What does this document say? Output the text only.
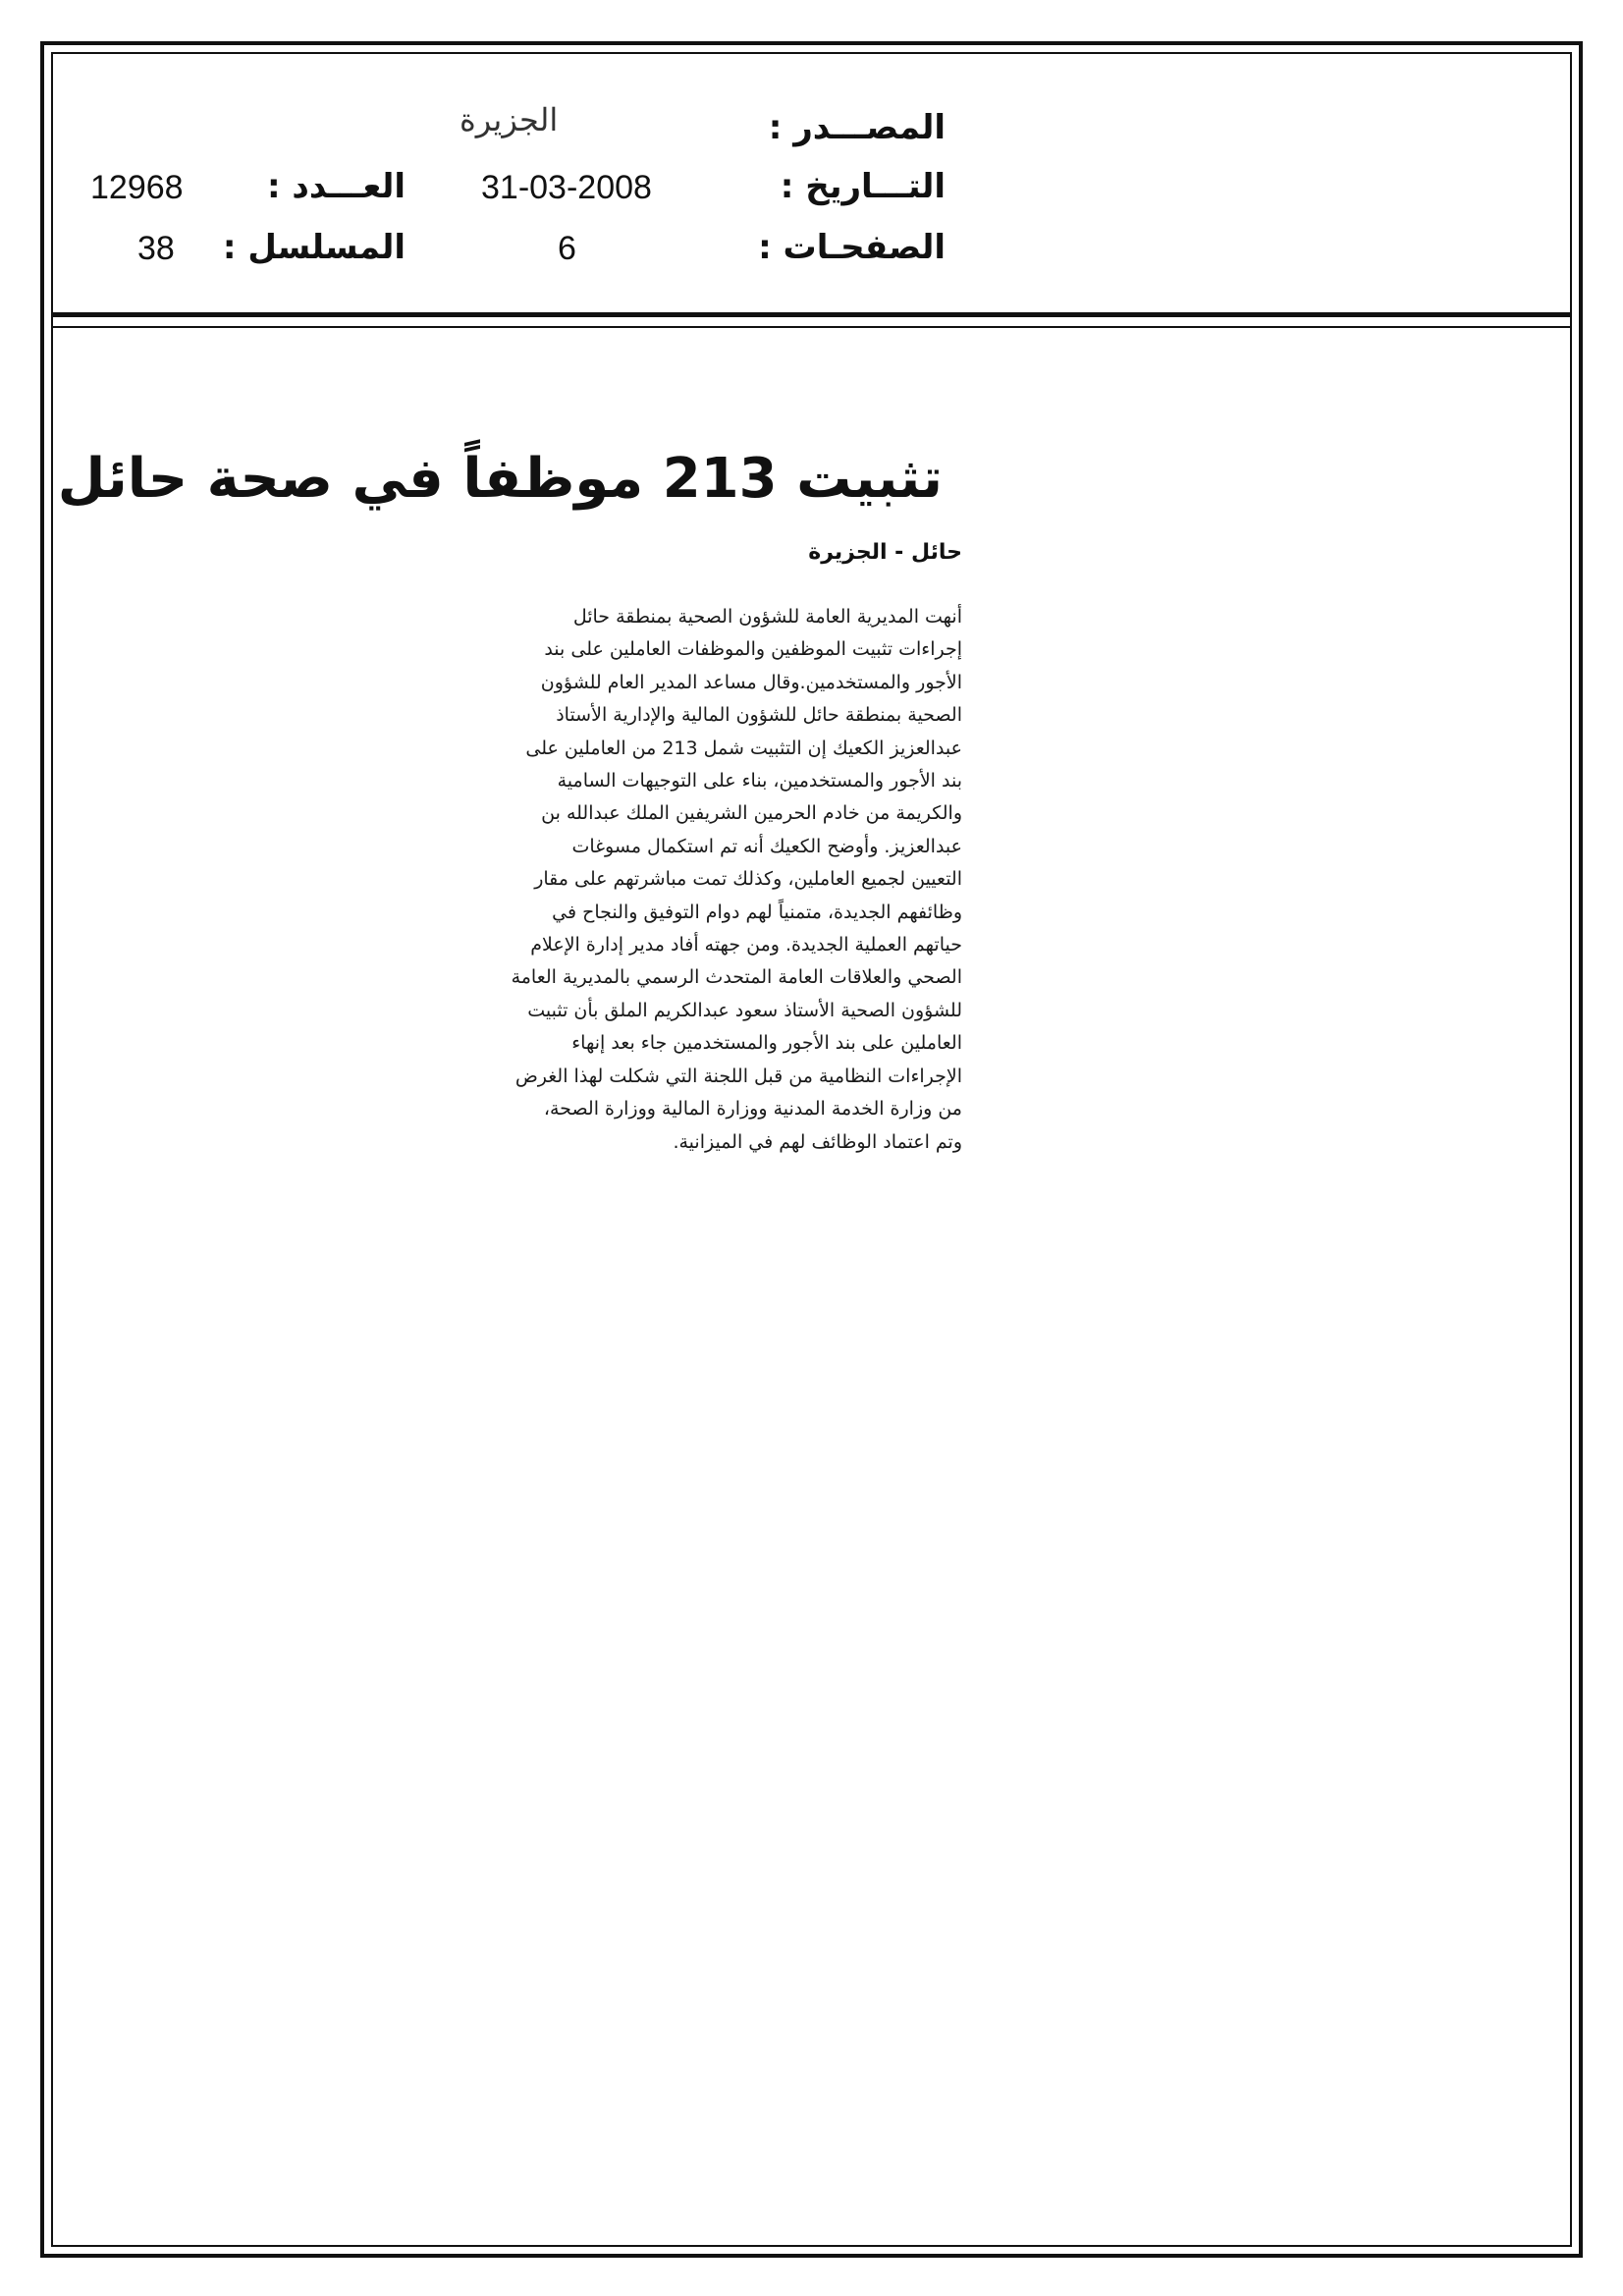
المصـــدر :
الجزيرة
التـــاريخ :
31-03-2008
العـــدد :
12968
الصفحـات :
6
المسلسل :
38
تثبيت 213 موظفاً في صحة حائل
حائل - الجزيرة
أنهت المديرية العامة للشؤون الصحية بمنطقة حائل
إجراءات تثبيت الموظفين والموظفات العاملين على بند
الأجور والمستخدمين.وقال مساعد المدير العام للشؤون
الصحية بمنطقة حائل للشؤون المالية والإدارية الأستاذ
عبدالعزيز الكعيك إن التثبيت شمل 213 من العاملين على
بند الأجور والمستخدمين، بناء على التوجيهات السامية
والكريمة من خادم الحرمين الشريفين الملك عبدالله بن
عبدالعزيز. وأوضح الكعيك أنه تم استكمال مسوغات
التعيين لجميع العاملين، وكذلك تمت مباشرتهم على مقار
وظائفهم الجديدة، متمنياً لهم دوام التوفيق والنجاح في
حياتهم العملية الجديدة. ومن جهته أفاد مدير إدارة الإعلام
الصحي والعلاقات العامة المتحدث الرسمي بالمديرية العامة
للشؤون الصحية الأستاذ سعود عبدالكريم الملق بأن تثبيت
العاملين على بند الأجور والمستخدمين جاء بعد إنهاء
الإجراءات النظامية من قبل اللجنة التي شكلت لهذا الغرض
من وزارة الخدمة المدنية ووزارة المالية ووزارة الصحة،
وتم اعتماد الوظائف لهم في الميزانية.
